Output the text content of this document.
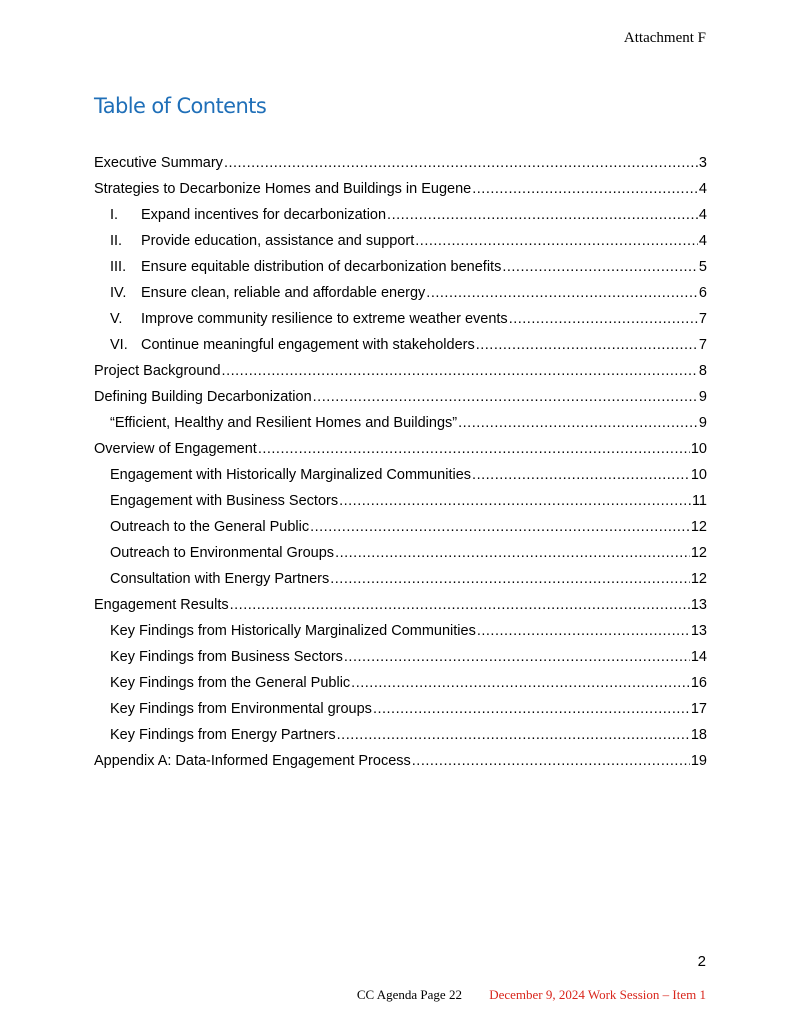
Attachment F
Table of Contents
Executive Summary .....	3
Strategies to Decarbonize Homes and Buildings in Eugene .....	4
I.	Expand incentives for decarbonization .....	4
II.	Provide education, assistance and support .....	4
III.	Ensure equitable distribution of decarbonization benefits .....	5
IV.	Ensure clean, reliable and affordable energy .....	6
V.	Improve community resilience to extreme weather events .....	7
VI. Continue meaningful engagement with stakeholders .....	7
Project Background .....	8
Defining Building Decarbonization .....	9
“Efficient, Healthy and Resilient Homes and Buildings” .....	9
Overview of Engagement .....	10
Engagement with Historically Marginalized Communities .....	10
Engagement with Business Sectors .....	11
Outreach to the General Public .....	12
Outreach to Environmental Groups .....	12
Consultation with Energy Partners .....	12
Engagement Results .....	13
Key Findings from Historically Marginalized Communities .....	13
Key Findings from Business Sectors .....	14
Key Findings from the General Public .....	16
Key Findings from Environmental groups .....	17
Key Findings from Energy Partners .....	18
Appendix A: Data-Informed Engagement Process .....	19
2
CC Agenda Page 22 December 9, 2024 Work Session – Item 1
